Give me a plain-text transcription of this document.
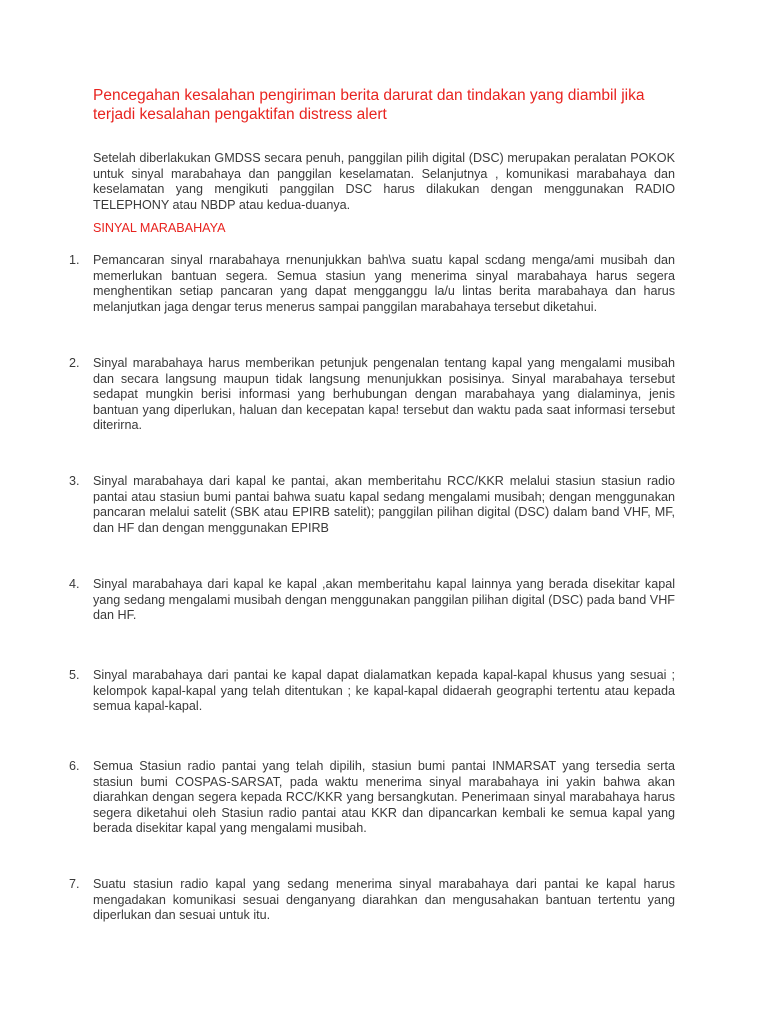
Pencegahan kesalahan pengiriman berita darurat dan tindakan yang diambil jika terjadi kesalahan pengaktifan distress alert

Setelah diberlakukan GMDSS secara penuh, panggilan pilih digital (DSC) merupakan peralatan POKOK untuk sinyal marabahaya dan panggilan keselamatan. Selanjutnya , komunikasi marabahaya dan keselamatan yang mengikuti panggilan DSC harus dilakukan dengan menggunakan RADIO TELEPHONY atau NBDP atau kedua-duanya.

SINYAL MARABAHAYA
1. Pemancaran sinyal rnarabahaya rnenunjukkan bah\va suatu kapal scdang menga/ami musibah dan memerlukan bantuan segera. Semua stasiun yang menerima sinyal marabahaya harus segera menghentikan setiap pancaran yang dapat mengganggu la/u lintas berita marabahaya dan harus melanjutkan jaga dengar terus menerus sampai panggilan marabahaya tersebut diketahui.

2. Sinyal marabahaya harus memberikan petunjuk pengenalan tentang kapal yang mengalami musibah dan secara langsung maupun tidak langsung menunjukkan posisinya. Sinyal marabahaya tersebut sedapat mungkin berisi informasi yang berhubungan dengan marabahaya yang dialaminya, jenis bantuan yang diperlukan, haluan dan kecepatan kapa! tersebut dan waktu pada saat informasi tersebut diterirna.

3. Sinyal marabahaya dari kapal ke pantai, akan memberitahu RCC/KKR melalui stasiun stasiun radio pantai atau stasiun bumi pantai bahwa suatu kapal sedang mengalami musibah; dengan menggunakan pancaran melalui satelit (SBK atau EPIRB satelit); panggilan pilihan digital (DSC) dalam band VHF, MF, dan HF dan dengan menggunakan EPIRB

4. Sinyal marabahaya dari kapal ke kapal ,akan memberitahu kapal lainnya yang berada disekitar kapal yang sedang mengalami musibah dengan menggunakan panggilan pilihan digital (DSC) pada band VHF dan HF.

5. Sinyal marabahaya dari pantai ke kapal dapat dialamatkan kepada kapal-kapal khusus yang sesuai ; kelompok kapal-kapal yang telah ditentukan ; ke kapal-kapal didaerah geographi tertentu atau kepada semua kapal-kapal.

6. Semua Stasiun radio pantai yang telah dipilih, stasiun bumi pantai INMARSAT yang tersedia serta stasiun bumi COSPAS-SARSAT, pada waktu menerima sinyal marabahaya ini yakin bahwa akan diarahkan dengan segera kepada RCC/KKR yang bersangkutan. Penerimaan sinyal marabahaya harus segera diketahui oleh Stasiun radio pantai atau KKR dan dipancarkan kembali ke semua kapal yang berada disekitar kapal yang mengalami musibah.

7. Suatu stasiun radio kapal yang sedang menerima sinyal marabahaya dari pantai ke kapal harus mengadakan komunikasi sesuai denganyang diarahkan dan mengusahakan bantuan tertentu yang diperlukan dan sesuai untuk itu.
